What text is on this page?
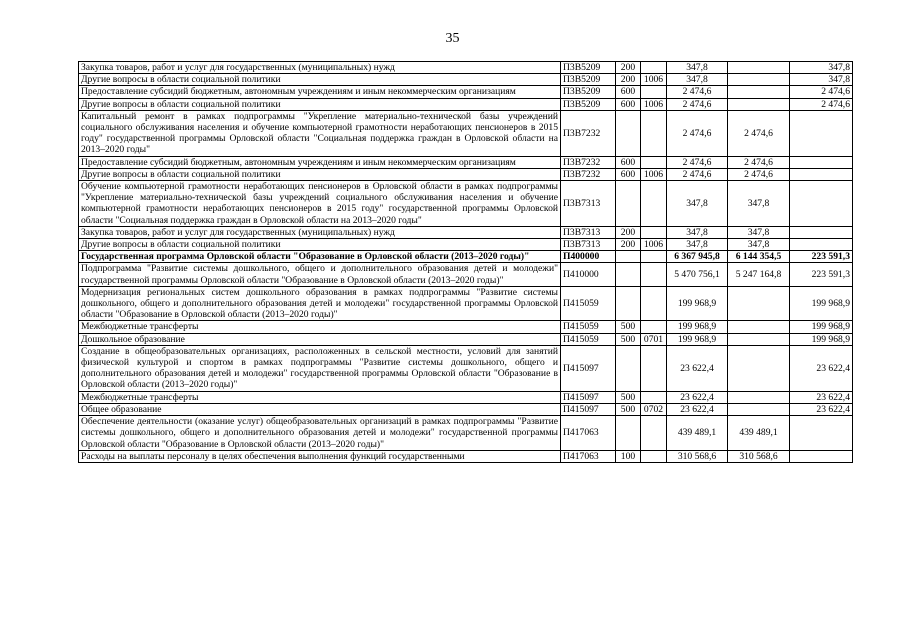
35
Закупка товаров, работ и услуг для государственных (муниципальных) нужд	П3В5209	200		347,8		347,8
Другие вопросы в области социальной политики	П3В5209	200	1006	347,8		347,8
Предоставление субсидий бюджетным, автономным учреждениям и иным некоммерческим организациям	П3В5209	600		2 474,6		2 474,6
Другие вопросы в области социальной политики	П3В5209	600	1006	2 474,6		2 474,6
Капитальный ремонт в рамках подпрограммы "Укрепление материально-технической базы учреждений социального обслуживания населения и обучение компьютерной грамотности неработающих пенсионеров в 2015 году" государственной программы Орловской области "Социальная поддержка граждан в Орловской области на 2013–2020 годы"	П3В7232			2 474,6	2 474,6	
Предоставление субсидий бюджетным, автономным учреждениям и иным некоммерческим организациям	П3В7232	600		2 474,6	2 474,6	
Другие вопросы в области социальной политики	П3В7232	600	1006	2 474,6	2 474,6	
Обучение компьютерной грамотности неработающих пенсионеров в Орловской области в рамках подпрограммы "Укрепление материально-технической базы учреждений социального обслуживания населения и обучение компьютерной грамотности неработающих пенсионеров в 2015 году" государственной программы Орловской области "Социальная поддержка граждан в Орловской области на 2013–2020 годы"	П3В7313			347,8	347,8	
Закупка товаров, работ и услуг для государственных (муниципальных) нужд	П3В7313	200		347,8	347,8	
Другие вопросы в области социальной политики	П3В7313	200	1006	347,8	347,8	
Государственная программа Орловской области "Образование в Орловской области (2013–2020 годы)"	П400000			6 367 945,8	6 144 354,5	223 591,3
Подпрограмма "Развитие системы дошкольного, общего и дополнительного образования детей и молодежи" государственной программы Орловской области "Образование в Орловской области (2013–2020 годы)"	П410000			5 470 756,1	5 247 164,8	223 591,3
Модернизация региональных систем дошкольного образования в рамках подпрограммы "Развитие системы дошкольного, общего и дополнительного образования детей и молодежи" государственной программы Орловской области "Образование в Орловской области (2013–2020 годы)"	П415059			199 968,9		199 968,9
Межбюджетные трансферты	П415059	500		199 968,9		199 968,9
Дошкольное образование	П415059	500	0701	199 968,9		199 968,9
Создание в общеобразовательных организациях, расположенных в сельской местности, условий для занятий физической культурой и спортом в рамках подпрограммы "Развитие системы дошкольного, общего и дополнительного образования детей и молодежи" государственной программы Орловской области "Образование в Орловской области (2013–2020 годы)"	П415097			23 622,4		23 622,4
Межбюджетные трансферты	П415097	500		23 622,4		23 622,4
Общее образование	П415097	500	0702	23 622,4		23 622,4
Обеспечение деятельности (оказание услуг) общеобразовательных организаций в рамках подпрограммы "Развитие системы дошкольного, общего и дополнительного образования детей и молодежи" государственной программы Орловской области "Образование в Орловской области (2013–2020 годы)"	П417063			439 489,1	439 489,1	
Расходы на выплаты персоналу в целях обеспечения выполнения функций государственными	П417063	100		310 568,6	310 568,6	
